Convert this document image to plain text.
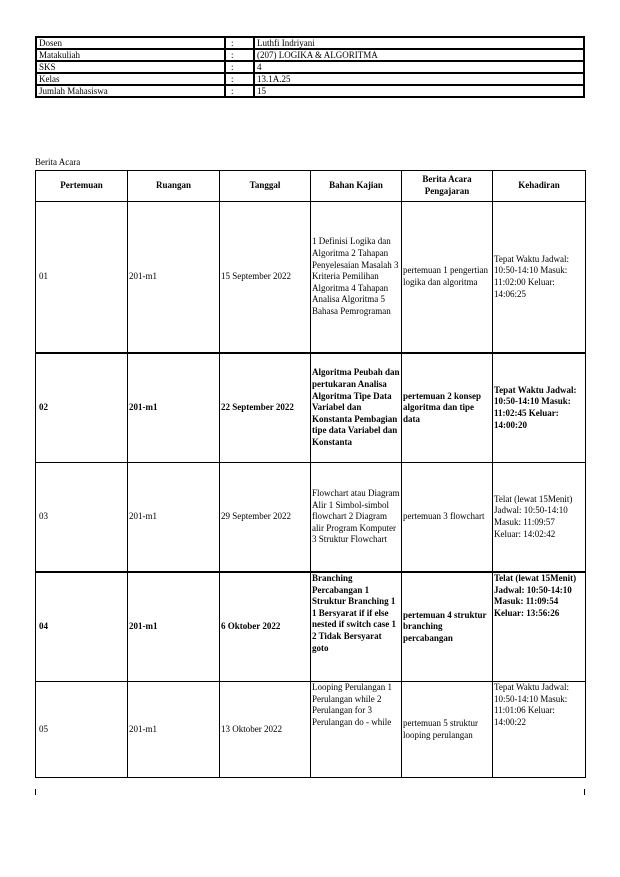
Dosen	:	Luthfi Indriyani
Matakuliah	:	(207) LOGIKA & ALGORITMA
SKS	:	4
Kelas	:	13.1A.25
Jumlah Mahasiswa	:	15
Berita Acara
Pertemuan	Ruangan	Tanggal	Bahan Kajian	Berita Acara Pengajaran	Kehadiran
01	201-m1	15 September 2022	1 Definisi Logika dan Algoritma 2 Tahapan Penyelesaian Masalah 3 Kriteria Pemilihan Algoritma 4 Tahapan Analisa Algoritma 5 Bahasa Pemrograman	pertemuan 1 pengertian logika dan algoritma	Tepat Waktu Jadwal: 10:50-14:10 Masuk: 11:02:00 Keluar: 14:06:25
02	201-m1	22 September 2022	Algoritma Peubah dan pertukaran Analisa Algoritma Tipe Data Variabel dan Konstanta Pembagian tipe data Variabel dan Konstanta	pertemuan 2 konsep algoritma dan tipe data	Tepat Waktu Jadwal: 10:50-14:10 Masuk: 11:02:45 Keluar: 14:00:20
03	201-m1	29 September 2022	Flowchart atau Diagram Alir 1 Simbol-simbol flowchart 2 Diagram alir Program Komputer 3 Struktur Flowchart	pertemuan 3 flowchart	Telat (lewat 15Menit) Jadwal: 10:50-14:10 Masuk: 11:09:57 Keluar: 14:02:42
04	201-m1	6 Oktober 2022	Branching Percabangan 1 Struktur Branching 1 1 Bersyarat if if else nested if switch case 1 2 Tidak Bersyarat goto	pertemuan 4 struktur branching percabangan	Telat (lewat 15Menit) Jadwal: 10:50-14:10 Masuk: 11:09:54 Keluar: 13:56:26
05	201-m1	13 Oktober 2022	Looping Perulangan 1 Perulangan while 2 Perulangan for 3 Perulangan do - while	pertemuan 5 struktur looping perulangan	Tepat Waktu Jadwal: 10:50-14:10 Masuk: 11:01:06 Keluar: 14:00:22
